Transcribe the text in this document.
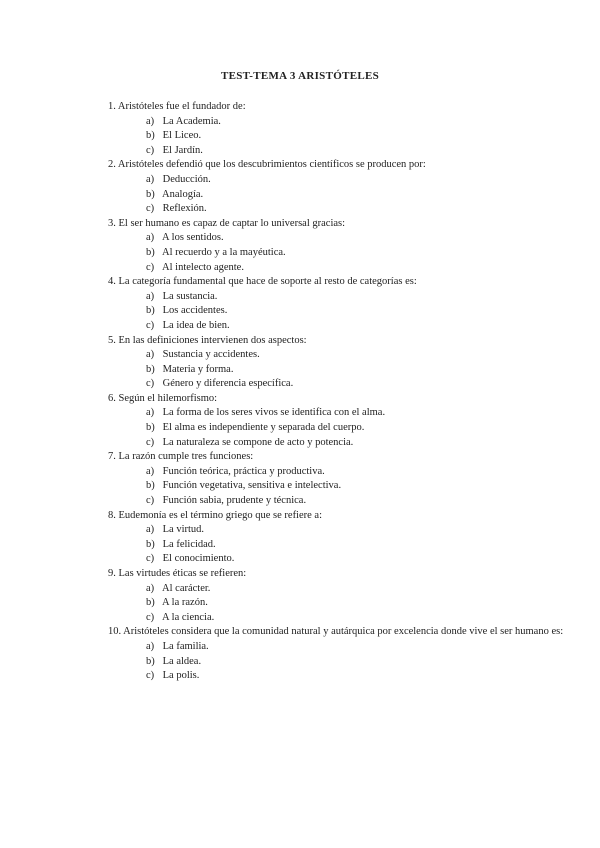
TEST-TEMA 3 ARISTÓTELES
1. Aristóteles fue el fundador de:
a) La Academia.
b) El Liceo.
c) El Jardín.
2. Aristóteles defendió que los descubrimientos científicos se producen por:
a) Deducción.
b) Analogía.
c) Reflexión.
3. El ser humano es capaz de captar lo universal gracias:
a) A los sentidos.
b) Al recuerdo y a la mayéutica.
c) Al intelecto agente.
4. La categoría fundamental que hace de soporte al resto de categorías es:
a) La sustancia.
b) Los accidentes.
c) La idea de bien.
5. En las definiciones intervienen dos aspectos:
a) Sustancia y accidentes.
b) Materia y forma.
c) Género y diferencia específica.
6. Según el hilemorfismo:
a) La forma de los seres vivos se identifica con el alma.
b) El alma es independiente y separada del cuerpo.
c) La naturaleza se compone de acto y potencia.
7. La razón cumple tres funciones:
a) Función teórica, práctica y productiva.
b) Función vegetativa, sensitiva e intelectiva.
c) Función sabia, prudente y técnica.
8. Eudemonía es el término griego que se refiere a:
a) La virtud.
b) La felicidad.
c) El conocimiento.
9. Las virtudes éticas se refieren:
a) Al carácter.
b) A la razón.
c) A la ciencia.
10. Aristóteles considera que la comunidad natural y autárquica por excelencia donde vive el ser humano es:
a) La familia.
b) La aldea.
c) La polis.
